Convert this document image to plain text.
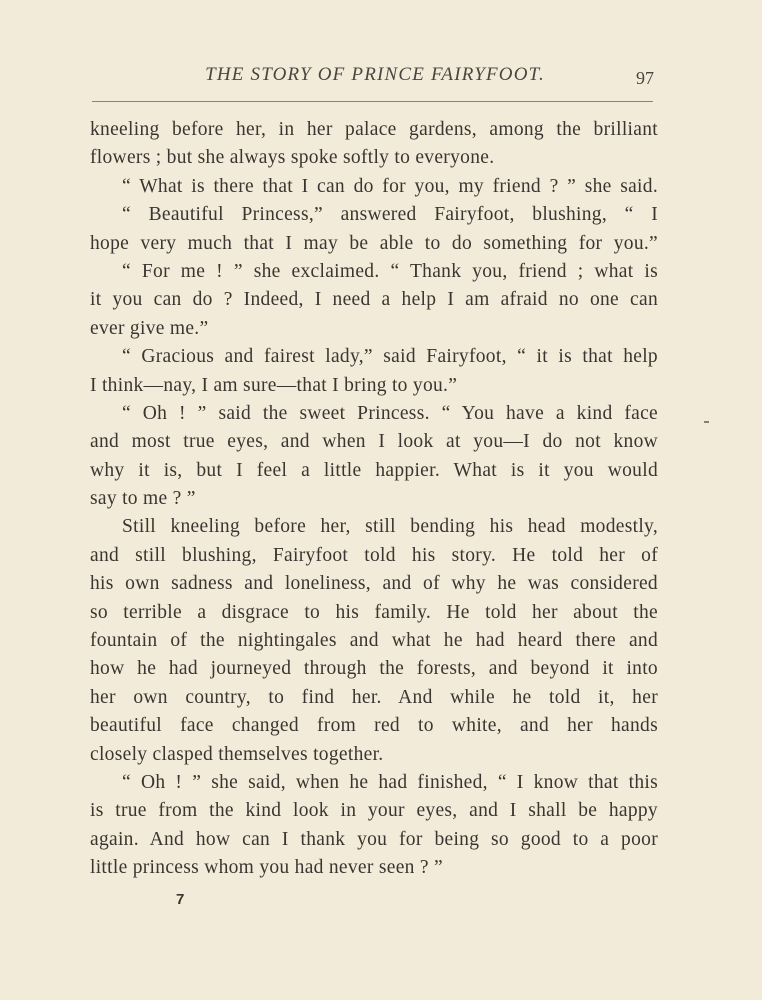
THE STORY OF PRINCE FAIRYFOOT.	97
kneeling before her, in her palace gardens, among the brilliant
flowers ; but she always spoke softly to everyone.
“ What is there that I can do for you, my friend ? ” she said.
“ Beautiful Princess,” answered Fairyfoot, blushing, “ I
hope very much that I may be able to do something for you.”
“ For me ! ” she exclaimed. “ Thank you, friend ; what is
it you can do ? Indeed, I need a help I am afraid no one can
ever give me.”
“ Gracious and fairest lady,” said Fairyfoot, “ it is that help
I think—nay, I am sure—that I bring to you.”
“ Oh ! ” said the sweet Princess. “ You have a kind face
and most true eyes, and when I look at you—I do not know
why it is, but I feel a little happier. What is it you would
say to me ? ”
Still kneeling before her, still bending his head modestly,
and still blushing, Fairyfoot told his story. He told her of
his own sadness and loneliness, and of why he was considered
so terrible a disgrace to his family. He told her about the
fountain of the nightingales and what he had heard there and
how he had journeyed through the forests, and beyond it into
her own country, to find her. And while he told it, her
beautiful face changed from red to white, and her hands
closely clasped themselves together.
“ Oh ! ” she said, when he had finished, “ I know that this
is true from the kind look in your eyes, and I shall be happy
again. And how can I thank you for being so good to a poor
little princess whom you had never seen ? ”
7
